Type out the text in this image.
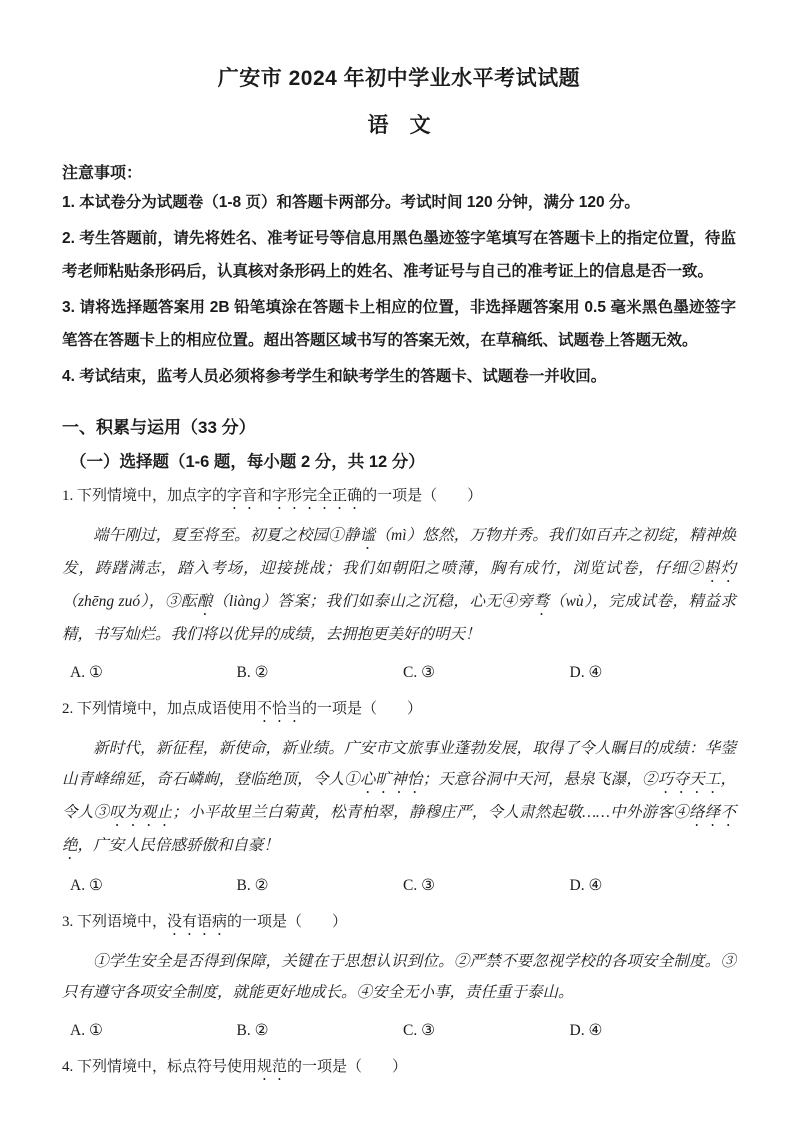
广安市 2024 年初中学业水平考试试题
语　文

注意事项：

1. 本试卷分为试题卷（1-8 页）和答题卡两部分。考试时间 120 分钟，满分 120 分。

2. 考生答题前，请先将姓名、准考证号等信息用黑色墨迹签字笔填写在答题卡上的指定位置，待监考老师粘贴条形码后，认真核对条形码上的姓名、准考证号与自己的准考证上的信息是否一致。

3. 请将选择题答案用 2B 铅笔填涂在答题卡上相应的位置，非选择题答案用 0.5 毫米黑色墨迹签字笔答在答题卡上的相应位置。超出答题区域书写的答案无效，在草稿纸、试题卷上答题无效。

4. 考试结束，监考人员必须将参考学生和缺考学生的答题卡、试题卷一并收回。

一、积累与运用（33 分）

（一）选择题（1-6 题，每小题 2 分，共 12 分）

1. 下列情境中，加点字的字音和字形完全正确的一项是（　　）

端午刚过，夏至将至。初夏之校园①静谧（mì）悠然，万物并秀。我们如百卉之初绽，精神焕发，踌躇满志，踏入考场，迎接挑战；我们如朝阳之喷薄，胸有成竹，浏览试卷，仔细②斟灼（zhēng zuó），③酝酿（liàng）答案；我们如泰山之沉稳，心无④旁骛（wù），完成试卷，精益求精，书写灿烂。我们将以优异的成绩，去拥抱更美好的明天！

A. ①	B. ②	C. ③	D. ④

2. 下列情境中，加点成语使用不恰当的一项是（　　）

新时代，新征程，新使命，新业绩。广安市文旅事业蓬勃发展，取得了令人瞩目的成绩：华蓥山青峰绵延，奇石嶙峋，登临绝顶，令人①心旷神怡；天意谷洞中天河，悬泉飞瀑，②巧夺天工，令人③叹为观止；小平故里兰白菊黄，松青柏翠，静穆庄严，令人肃然起敬……中外游客④络绎不绝，广安人民倍感骄傲和自豪！

A. ①	B. ②	C. ③	D. ④

3. 下列语境中，没有语病的一项是（　　）

①学生安全是否得到保障，关键在于思想认识到位。②严禁不要忽视学校的各项安全制度。③只有遵守各项安全制度，就能更好地成长。④安全无小事，责任重于泰山。

A. ①	B. ②	C. ③	D. ④

4. 下列情境中，标点符号使用规范的一项是（　　）
